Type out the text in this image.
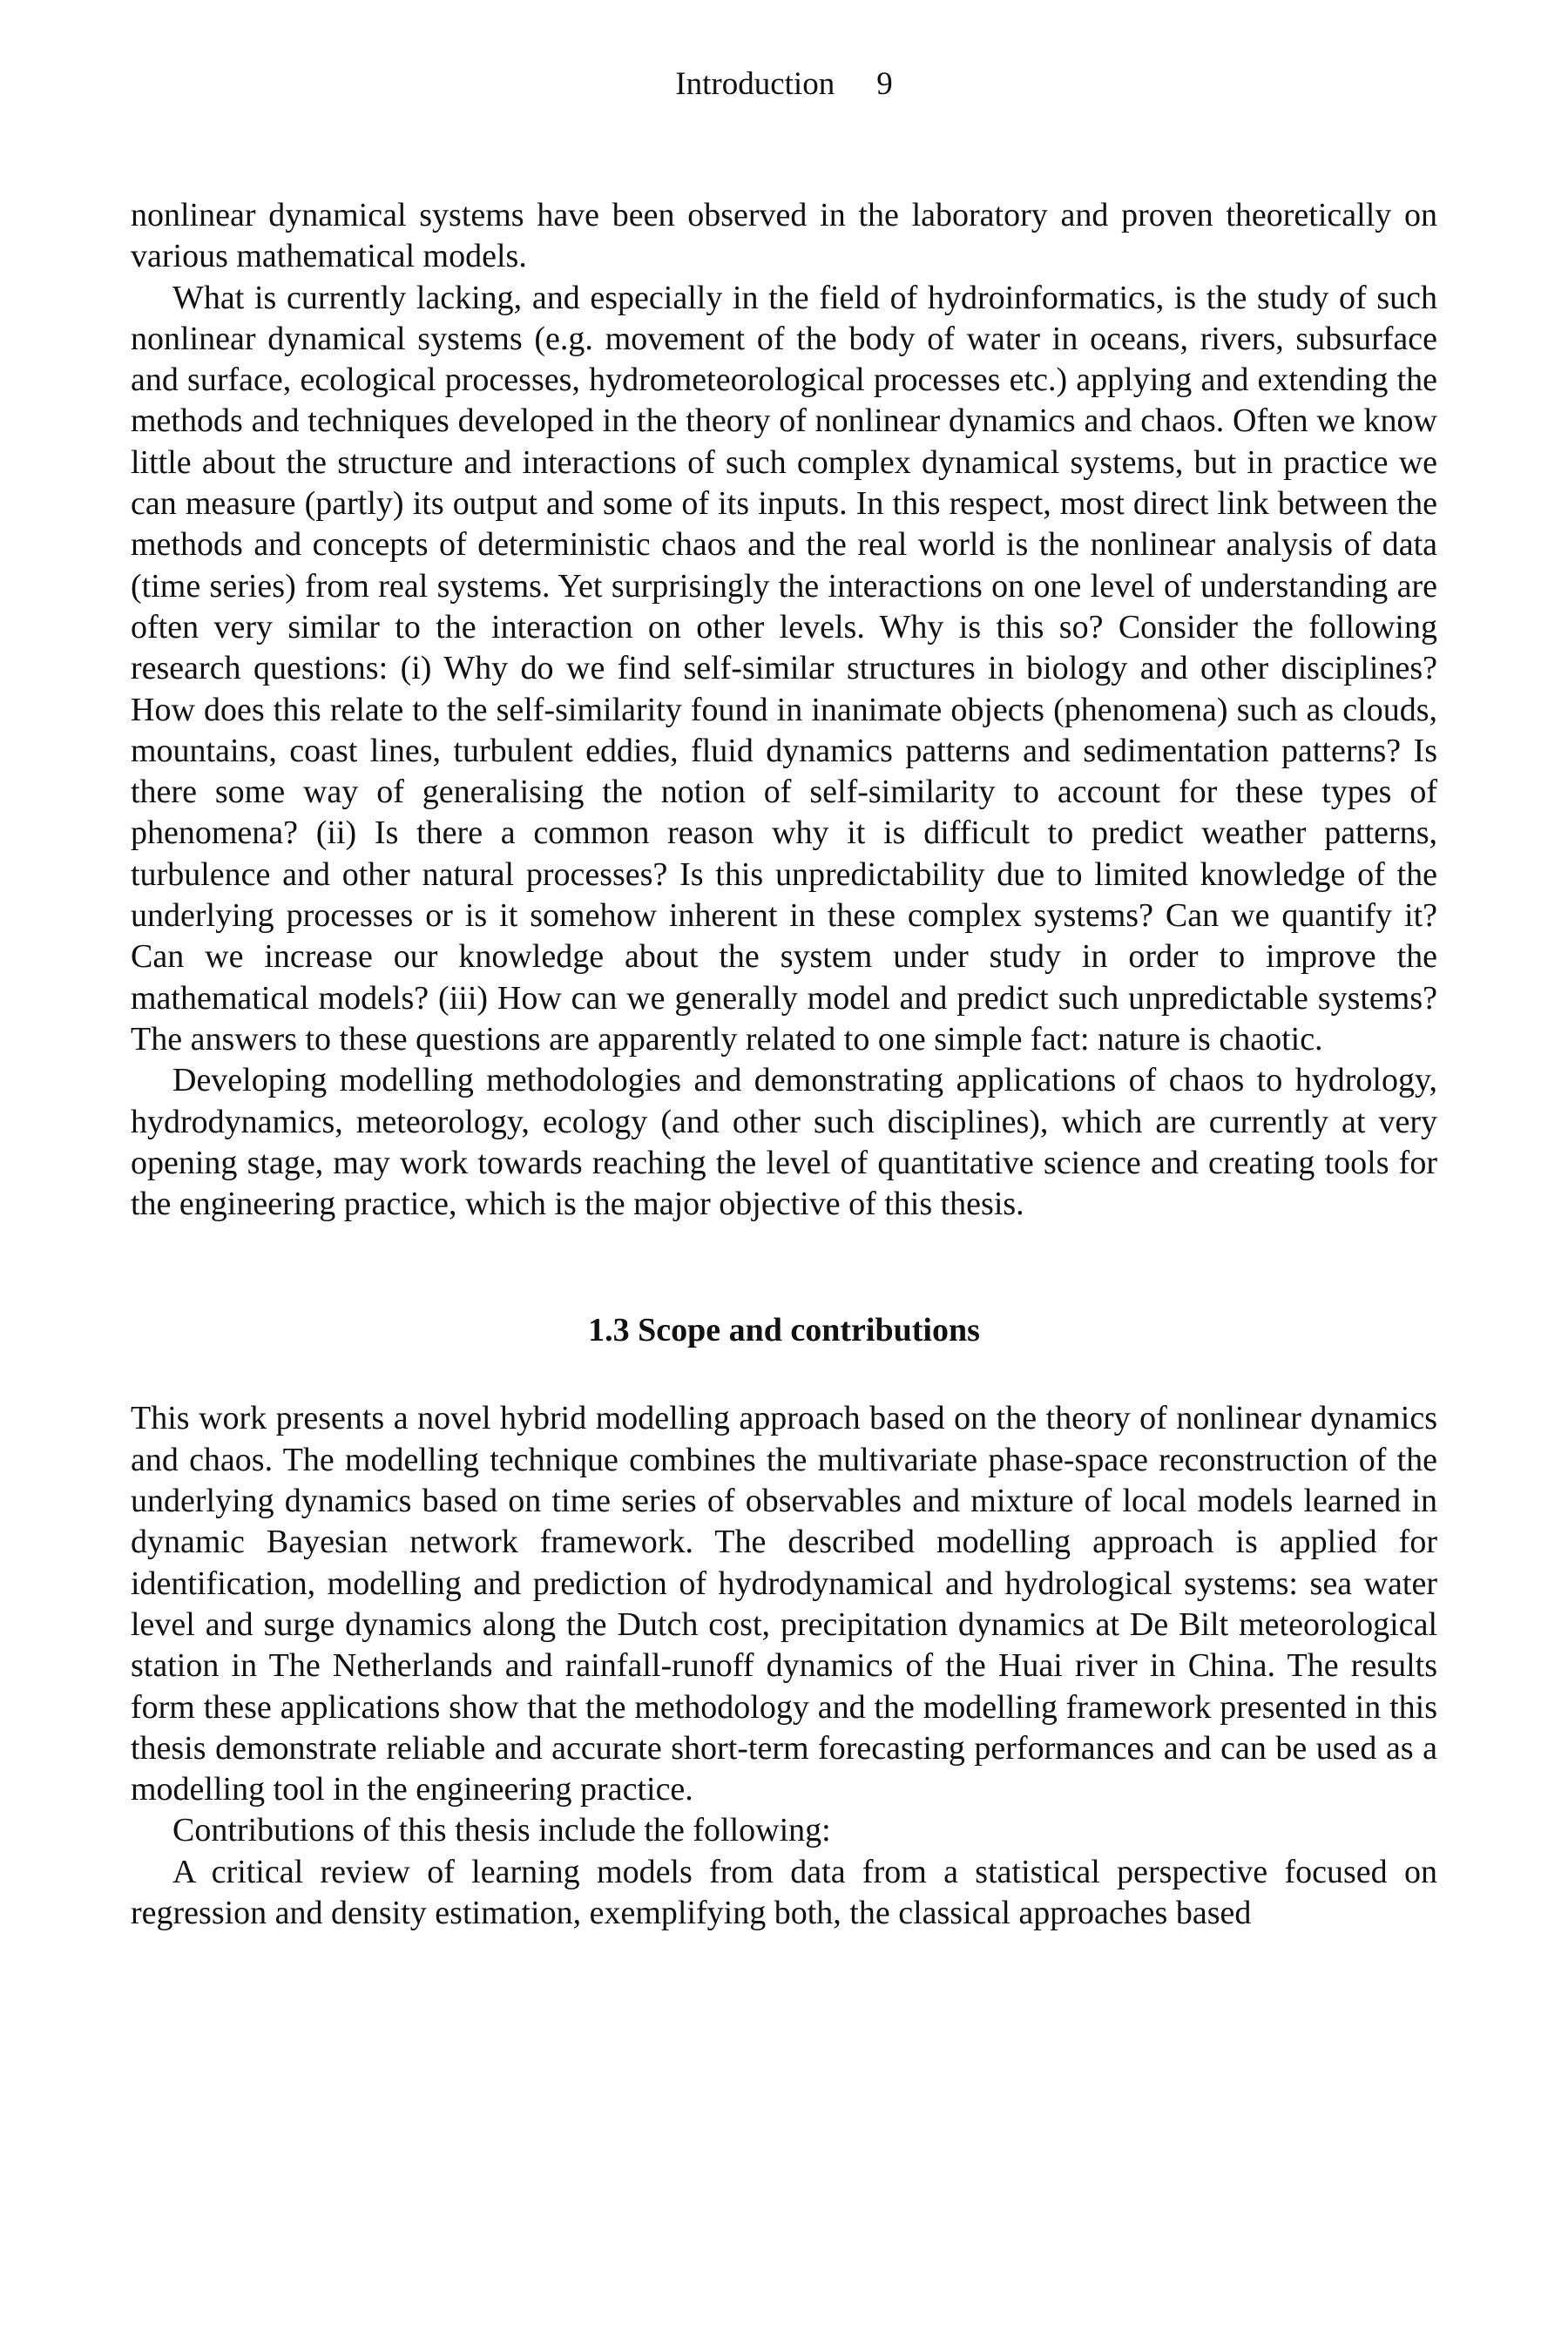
Introduction 9

nonlinear dynamical systems have been observed in the laboratory and proven theoretically on various mathematical models.

What is currently lacking, and especially in the field of hydroinformatics, is the study of such nonlinear dynamical systems (e.g. movement of the body of water in oceans, rivers, subsurface and surface, ecological processes, hydrometeorological processes etc.) applying and extending the methods and techniques developed in the theory of nonlinear dynamics and chaos. Often we know little about the structure and interactions of such complex dynamical systems, but in practice we can measure (partly) its output and some of its inputs. In this respect, most direct link between the methods and concepts of deterministic chaos and the real world is the nonlinear analysis of data (time series) from real systems. Yet surprisingly the interactions on one level of understanding are often very similar to the interaction on other levels. Why is this so? Consider the following research questions: (i) Why do we find self-similar structures in biology and other disciplines? How does this relate to the self-similarity found in inanimate objects (phenomena) such as clouds, mountains, coast lines, turbulent eddies, fluid dynamics patterns and sedimentation patterns? Is there some way of generalising the notion of self-similarity to account for these types of phenomena? (ii) Is there a common reason why it is difficult to predict weather patterns, turbulence and other natural processes? Is this unpredictability due to limited knowledge of the underlying processes or is it somehow inherent in these complex systems? Can we quantify it? Can we increase our knowledge about the system under study in order to improve the mathematical models? (iii) How can we generally model and predict such unpredictable systems? The answers to these questions are apparently related to one simple fact: nature is chaotic.

Developing modelling methodologies and demonstrating applications of chaos to hydrology, hydrodynamics, meteorology, ecology (and other such disciplines), which are currently at very opening stage, may work towards reaching the level of quantitative science and creating tools for the engineering practice, which is the major objective of this thesis.

1.3 Scope and contributions

This work presents a novel hybrid modelling approach based on the theory of nonlinear dynamics and chaos. The modelling technique combines the multivariate phase-space reconstruction of the underlying dynamics based on time series of observables and mixture of local models learned in dynamic Bayesian network framework. The described modelling approach is applied for identification, modelling and prediction of hydrodynamical and hydrological systems: sea water level and surge dynamics along the Dutch cost, precipitation dynamics at De Bilt meteorological station in The Netherlands and rainfall-runoff dynamics of the Huai river in China. The results form these applications show that the methodology and the modelling framework presented in this thesis demonstrate reliable and accurate short-term forecasting performances and can be used as a modelling tool in the engineering practice.

Contributions of this thesis include the following:

A critical review of learning models from data from a statistical perspective focused on regression and density estimation, exemplifying both, the classical approaches based
